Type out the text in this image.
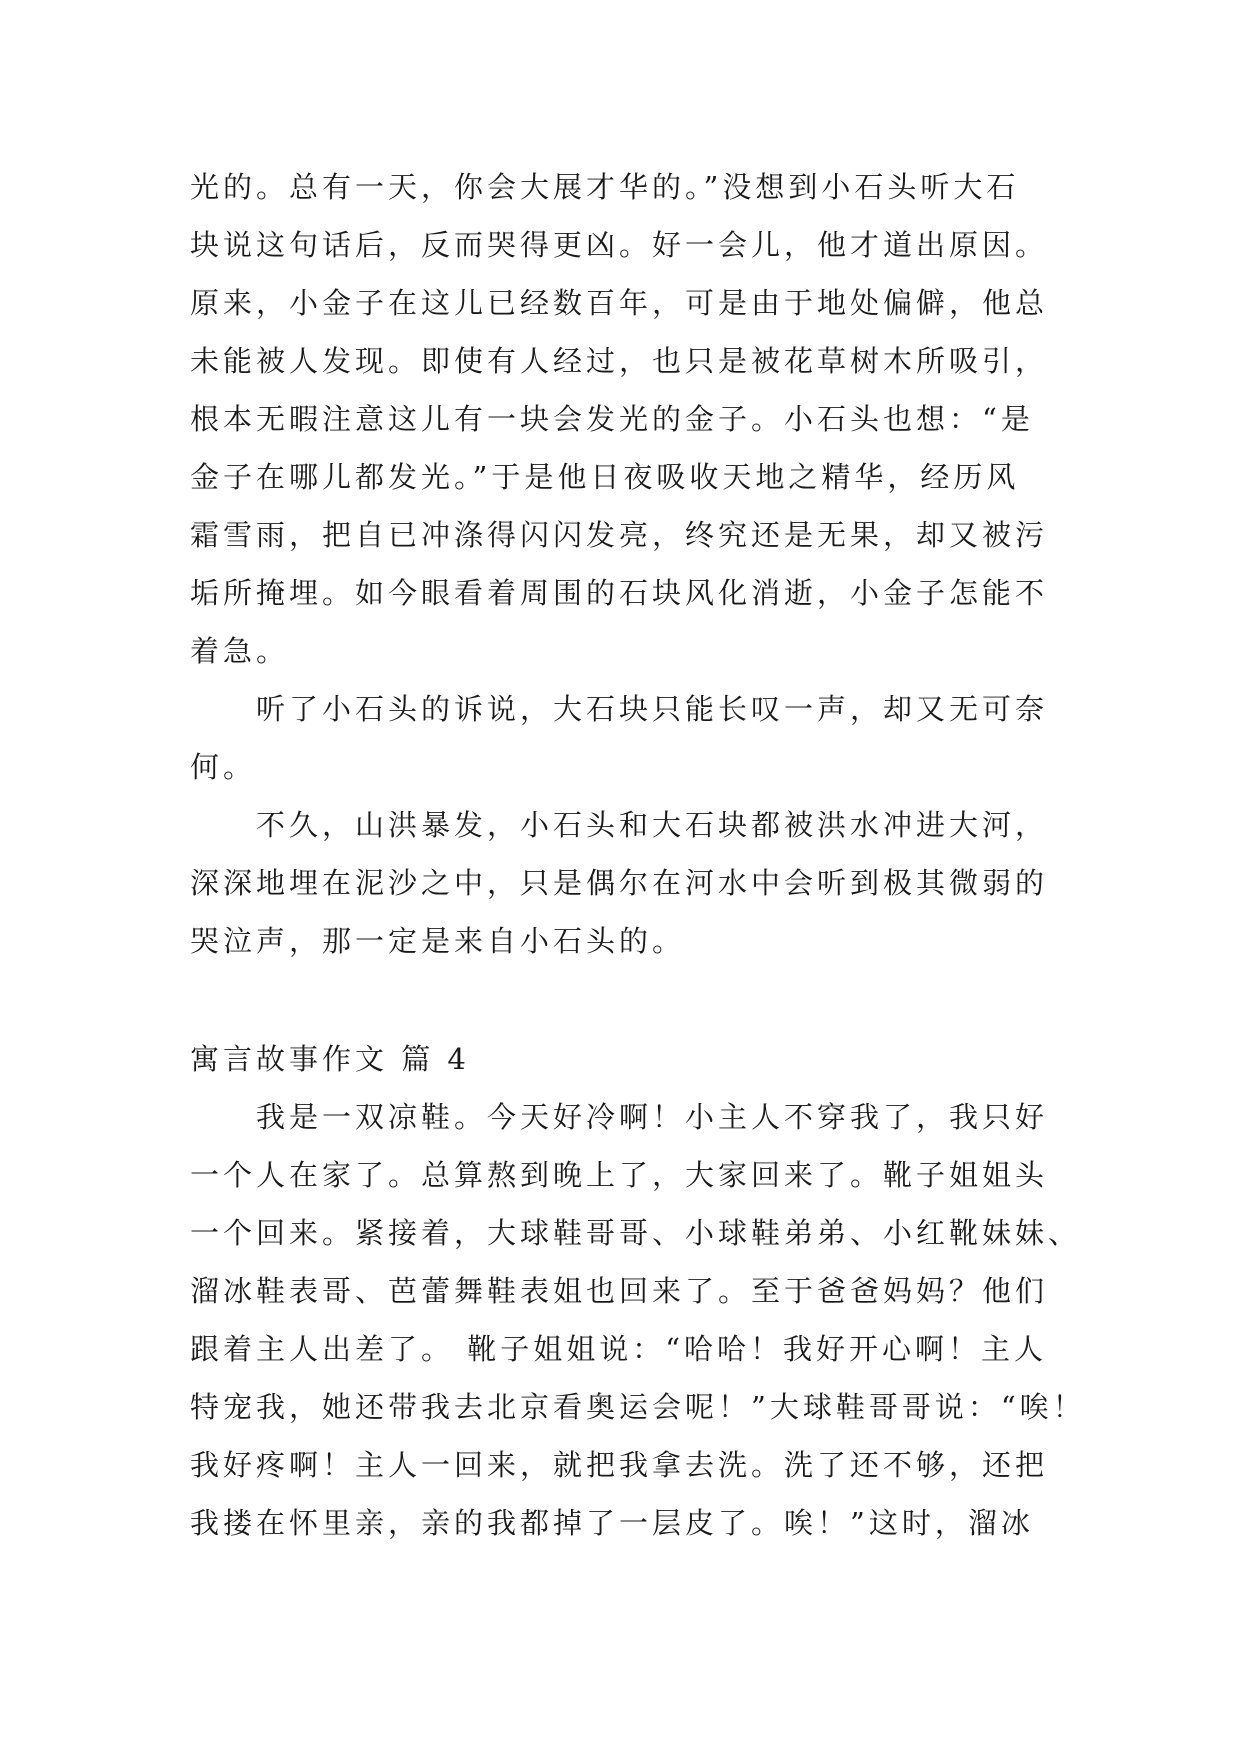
光的。总有一天，你会大展才华的。”没想到小石头听大石
块说这句话后，反而哭得更凶。好一会儿，他才道出原因。
原来，小金子在这儿已经数百年，可是由于地处偏僻，他总
未能被人发现。即使有人经过，也只是被花草树木所吸引，
根本无暇注意这儿有一块会发光的金子。小石头也想：“是
金子在哪儿都发光。”于是他日夜吸收天地之精华，经历风
霜雪雨，把自已冲涤得闪闪发亮，终究还是无果，却又被污
垢所掩埋。如今眼看着周围的石块风化消逝，小金子怎能不
着急。
听了小石头的诉说，大石块只能长叹一声，却又无可奈
何。
不久，山洪暴发，小石头和大石块都被洪水冲进大河，
深深地埋在泥沙之中，只是偶尔在河水中会听到极其微弱的
哭泣声，那一定是来自小石头的。
寓言故事作文 篇 4
我是一双凉鞋。今天好冷啊！小主人不穿我了，我只好
一个人在家了。总算熬到晚上了，大家回来了。靴子姐姐头
一个回来。紧接着，大球鞋哥哥、小球鞋弟弟、小红靴妹妹、
溜冰鞋表哥、芭蕾舞鞋表姐也回来了。至于爸爸妈妈？他们
跟着主人出差了。 靴子姐姐说：“哈哈！我好开心啊！主人
特宠我，她还带我去北京看奥运会呢！”大球鞋哥哥说：“唉！
我好疼啊！主人一回来，就把我拿去洗。洗了还不够，还把
我搂在怀里亲，亲的我都掉了一层皮了。唉！”这时，溜冰
